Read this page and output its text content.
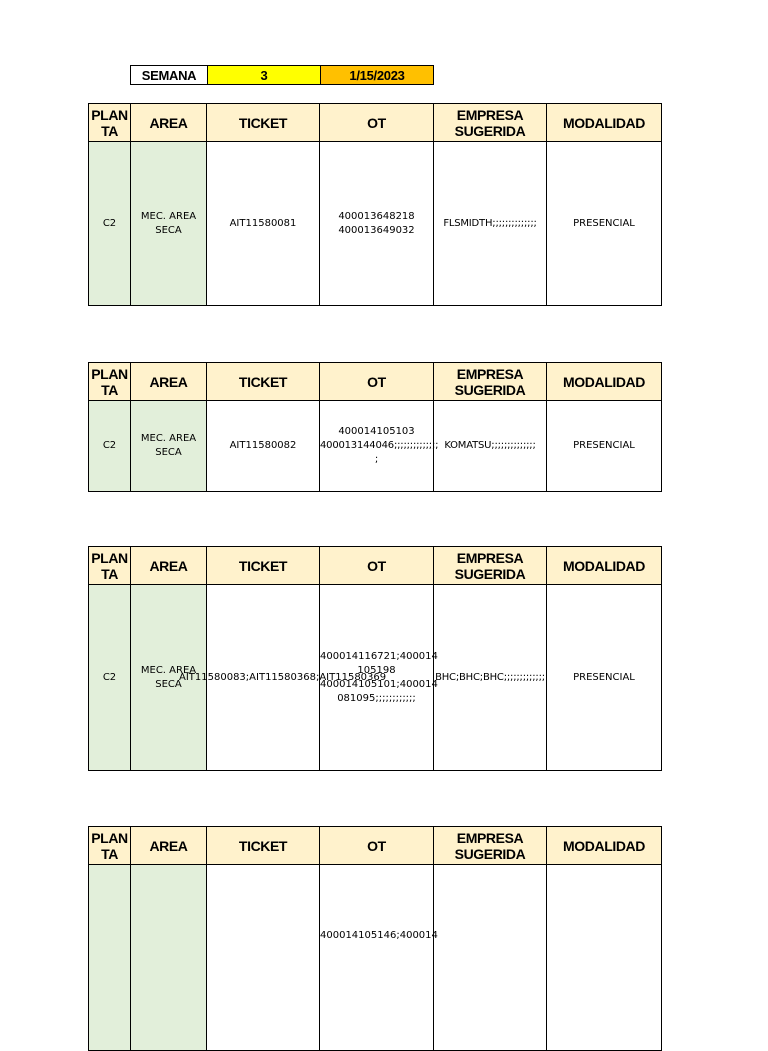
SEMANA	3	1/15/2023
PLAN TA	AREA	TICKET	OT	EMPRESA SUGERIDA	MODALIDAD
C2	MEC. AREA SECA	AIT11580081	400013648218
400013649032	FLSMIDTH;;;;;;;;;;;;;;	PRESENCIAL
PLAN TA	AREA	TICKET	OT	EMPRESA SUGERIDA	MODALIDAD
C2	MEC. AREA SECA	AIT11580082	400014105103
400013144046;;;;;;;;;;;;;;
;	KOMATSU;;;;;;;;;;;;;;	PRESENCIAL
PLAN TA	AREA	TICKET	OT	EMPRESA SUGERIDA	MODALIDAD
C2	MEC. AREA SECA	AIT11580083;AIT11580368;AIT11580369	400014116721;400014
105198
400014105101;400014
081095;;;;;;;;;;;;	BHC;BHC;BHC;;;;;;;;;;;;;	PRESENCIAL
PLAN TA	AREA	TICKET	OT	EMPRESA SUGERIDA	MODALIDAD

			400014105146;400014		
